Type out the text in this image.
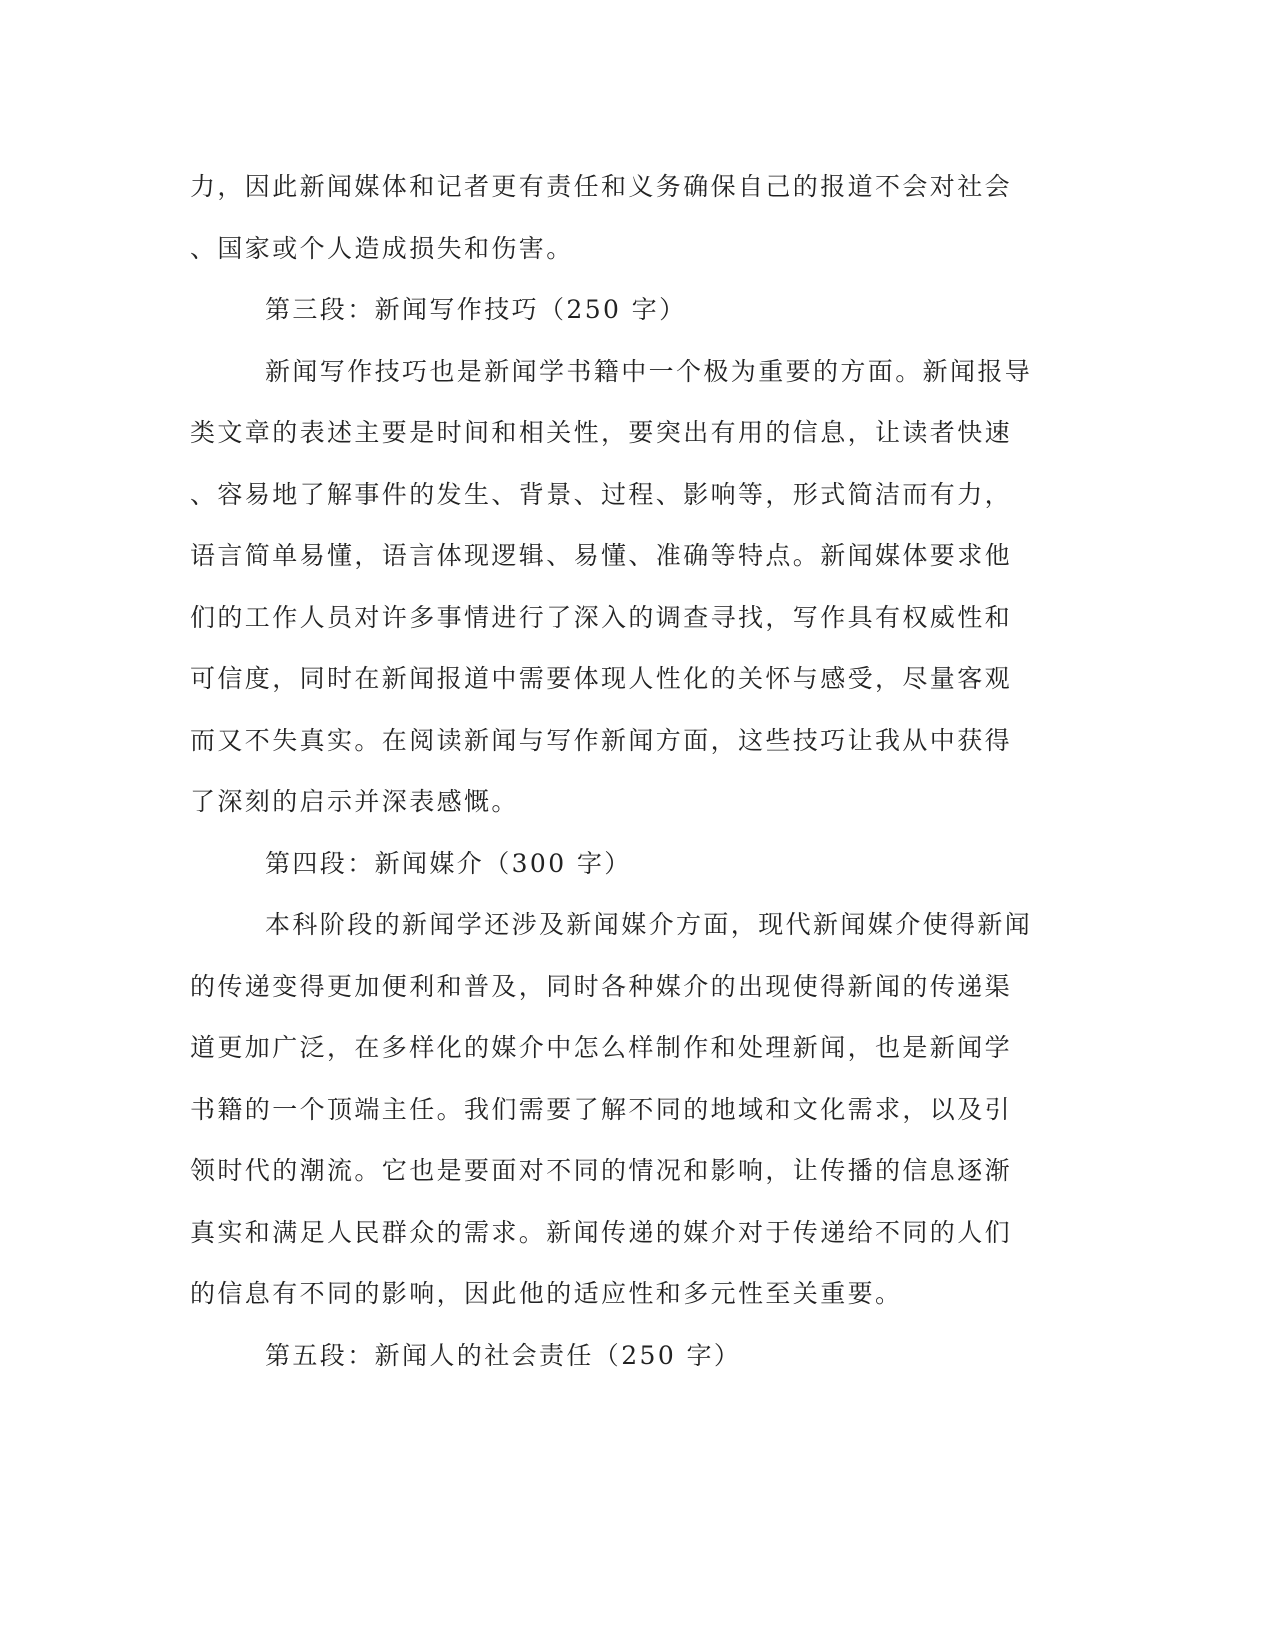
力，因此新闻媒体和记者更有责任和义务确保自己的报道不会对社会
、国家或个人造成损失和伤害。

第三段：新闻写作技巧（250 字）

新闻写作技巧也是新闻学书籍中一个极为重要的方面。新闻报导
类文章的表述主要是时间和相关性，要突出有用的信息，让读者快速
、容易地了解事件的发生、背景、过程、影响等，形式简洁而有力，
语言简单易懂，语言体现逻辑、易懂、准确等特点。新闻媒体要求他
们的工作人员对许多事情进行了深入的调查寻找，写作具有权威性和
可信度，同时在新闻报道中需要体现人性化的关怀与感受，尽量客观
而又不失真实。在阅读新闻与写作新闻方面，这些技巧让我从中获得
了深刻的启示并深表感慨。

第四段：新闻媒介（300 字）

本科阶段的新闻学还涉及新闻媒介方面，现代新闻媒介使得新闻
的传递变得更加便利和普及，同时各种媒介的出现使得新闻的传递渠
道更加广泛，在多样化的媒介中怎么样制作和处理新闻，也是新闻学
书籍的一个顶端主任。我们需要了解不同的地域和文化需求，以及引
领时代的潮流。它也是要面对不同的情况和影响，让传播的信息逐渐
真实和满足人民群众的需求。新闻传递的媒介对于传递给不同的人们
的信息有不同的影响，因此他的适应性和多元性至关重要。

第五段：新闻人的社会责任（250 字）
